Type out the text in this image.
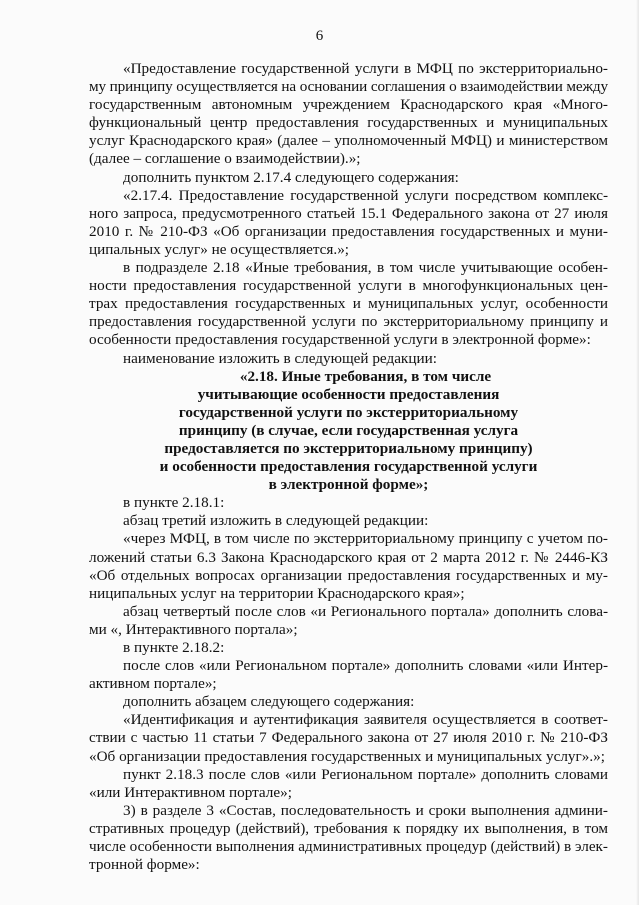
6
«Предоставление государственной услуги в МФЦ по экстерриториально-
му принципу осуществляется на основании соглашения о взаимодействии между
государственным автономным учреждением Краснодарского края «Много-
функциональный центр предоставления государственных и муниципальных
услуг Краснодарского края» (далее – уполномоченный МФЦ) и министерством
(далее – соглашение о взаимодействии).»;
дополнить пунктом 2.17.4 следующего содержания:
«2.17.4. Предоставление государственной услуги посредством комплекс-
ного запроса, предусмотренного статьей 15.1 Федерального закона от 27 июля
2010 г. № 210-ФЗ «Об организации предоставления государственных и муни-
ципальных услуг» не осуществляется.»;
в подразделе 2.18 «Иные требования, в том числе учитывающие особен-
ности предоставления государственной услуги в многофункциональных цен-
трах предоставления государственных и муниципальных услуг, особенности
предоставления государственной услуги по экстерриториальному принципу и
особенности предоставления государственной услуги в электронной форме»:
наименование изложить в следующей редакции:
«2.18. Иные требования, в том числе
учитывающие особенности предоставления
государственной услуги по экстерриториальному
принципу (в случае, если государственная услуга
предоставляется по экстерриториальному принципу)
и особенности предоставления государственной услуги
в электронной форме»;
в пункте 2.18.1:
абзац третий изложить в следующей редакции:
«через МФЦ, в том числе по экстерриториальному принципу с учетом по-
ложений статьи 6.3 Закона Краснодарского края от 2 марта 2012 г. № 2446-КЗ
«Об отдельных вопросах организации предоставления государственных и му-
ниципальных услуг на территории Краснодарского края»;
абзац четвертый после слов «и Регионального портала» дополнить слова-
ми «, Интерактивного портала»;
в пункте 2.18.2:
после слов «или Региональном портале» дополнить словами «или Интер-
активном портале»;
дополнить абзацем следующего содержания:
«Идентификация и аутентификация заявителя осуществляется в соответ-
ствии с частью 11 статьи 7 Федерального закона от 27 июля 2010 г. № 210-ФЗ
«Об организации предоставления государственных и муниципальных услуг».»;
пункт 2.18.3 после слов «или Региональном портале» дополнить словами
«или Интерактивном портале»;
3) в разделе 3 «Состав, последовательность и сроки выполнения админи-
стративных процедур (действий), требования к порядку их выполнения, в том
числе особенности выполнения административных процедур (действий) в элек-
тронной форме»:
